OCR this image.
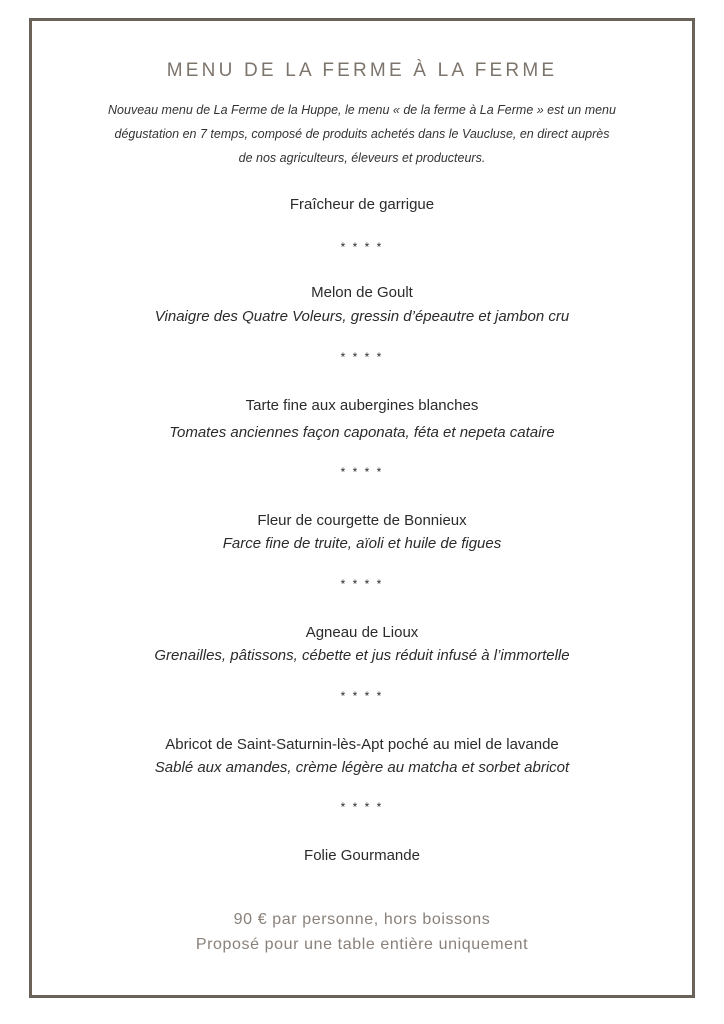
MENU DE LA FERME À LA FERME
Nouveau menu de La Ferme de la Huppe, le menu « de la ferme à La Ferme » est un menu
dégustation en 7 temps, composé de produits achetés dans le Vaucluse, en direct auprès
de nos agriculteurs, éleveurs et producteurs.
Fraîcheur de garrigue
* * * *
Melon de Goult
Vinaigre des Quatre Voleurs, gressin d’épeautre et jambon cru
* * * *
Tarte fine aux aubergines blanches
Tomates anciennes façon caponata, féta et nepeta cataire
* * * *
Fleur de courgette de Bonnieux
Farce fine de truite, aïoli et huile de figues
* * * *
Agneau de Lioux
Grenailles, pâtissons, cébette et jus réduit infusé à l’immortelle
* * * *
Abricot de Saint-Saturnin-lès-Apt poché au miel de lavande
Sablé aux amandes, crème légère au matcha et sorbet abricot
* * * *
Folie Gourmande
90 € par personne, hors boissons
Proposé pour une table entière uniquement
